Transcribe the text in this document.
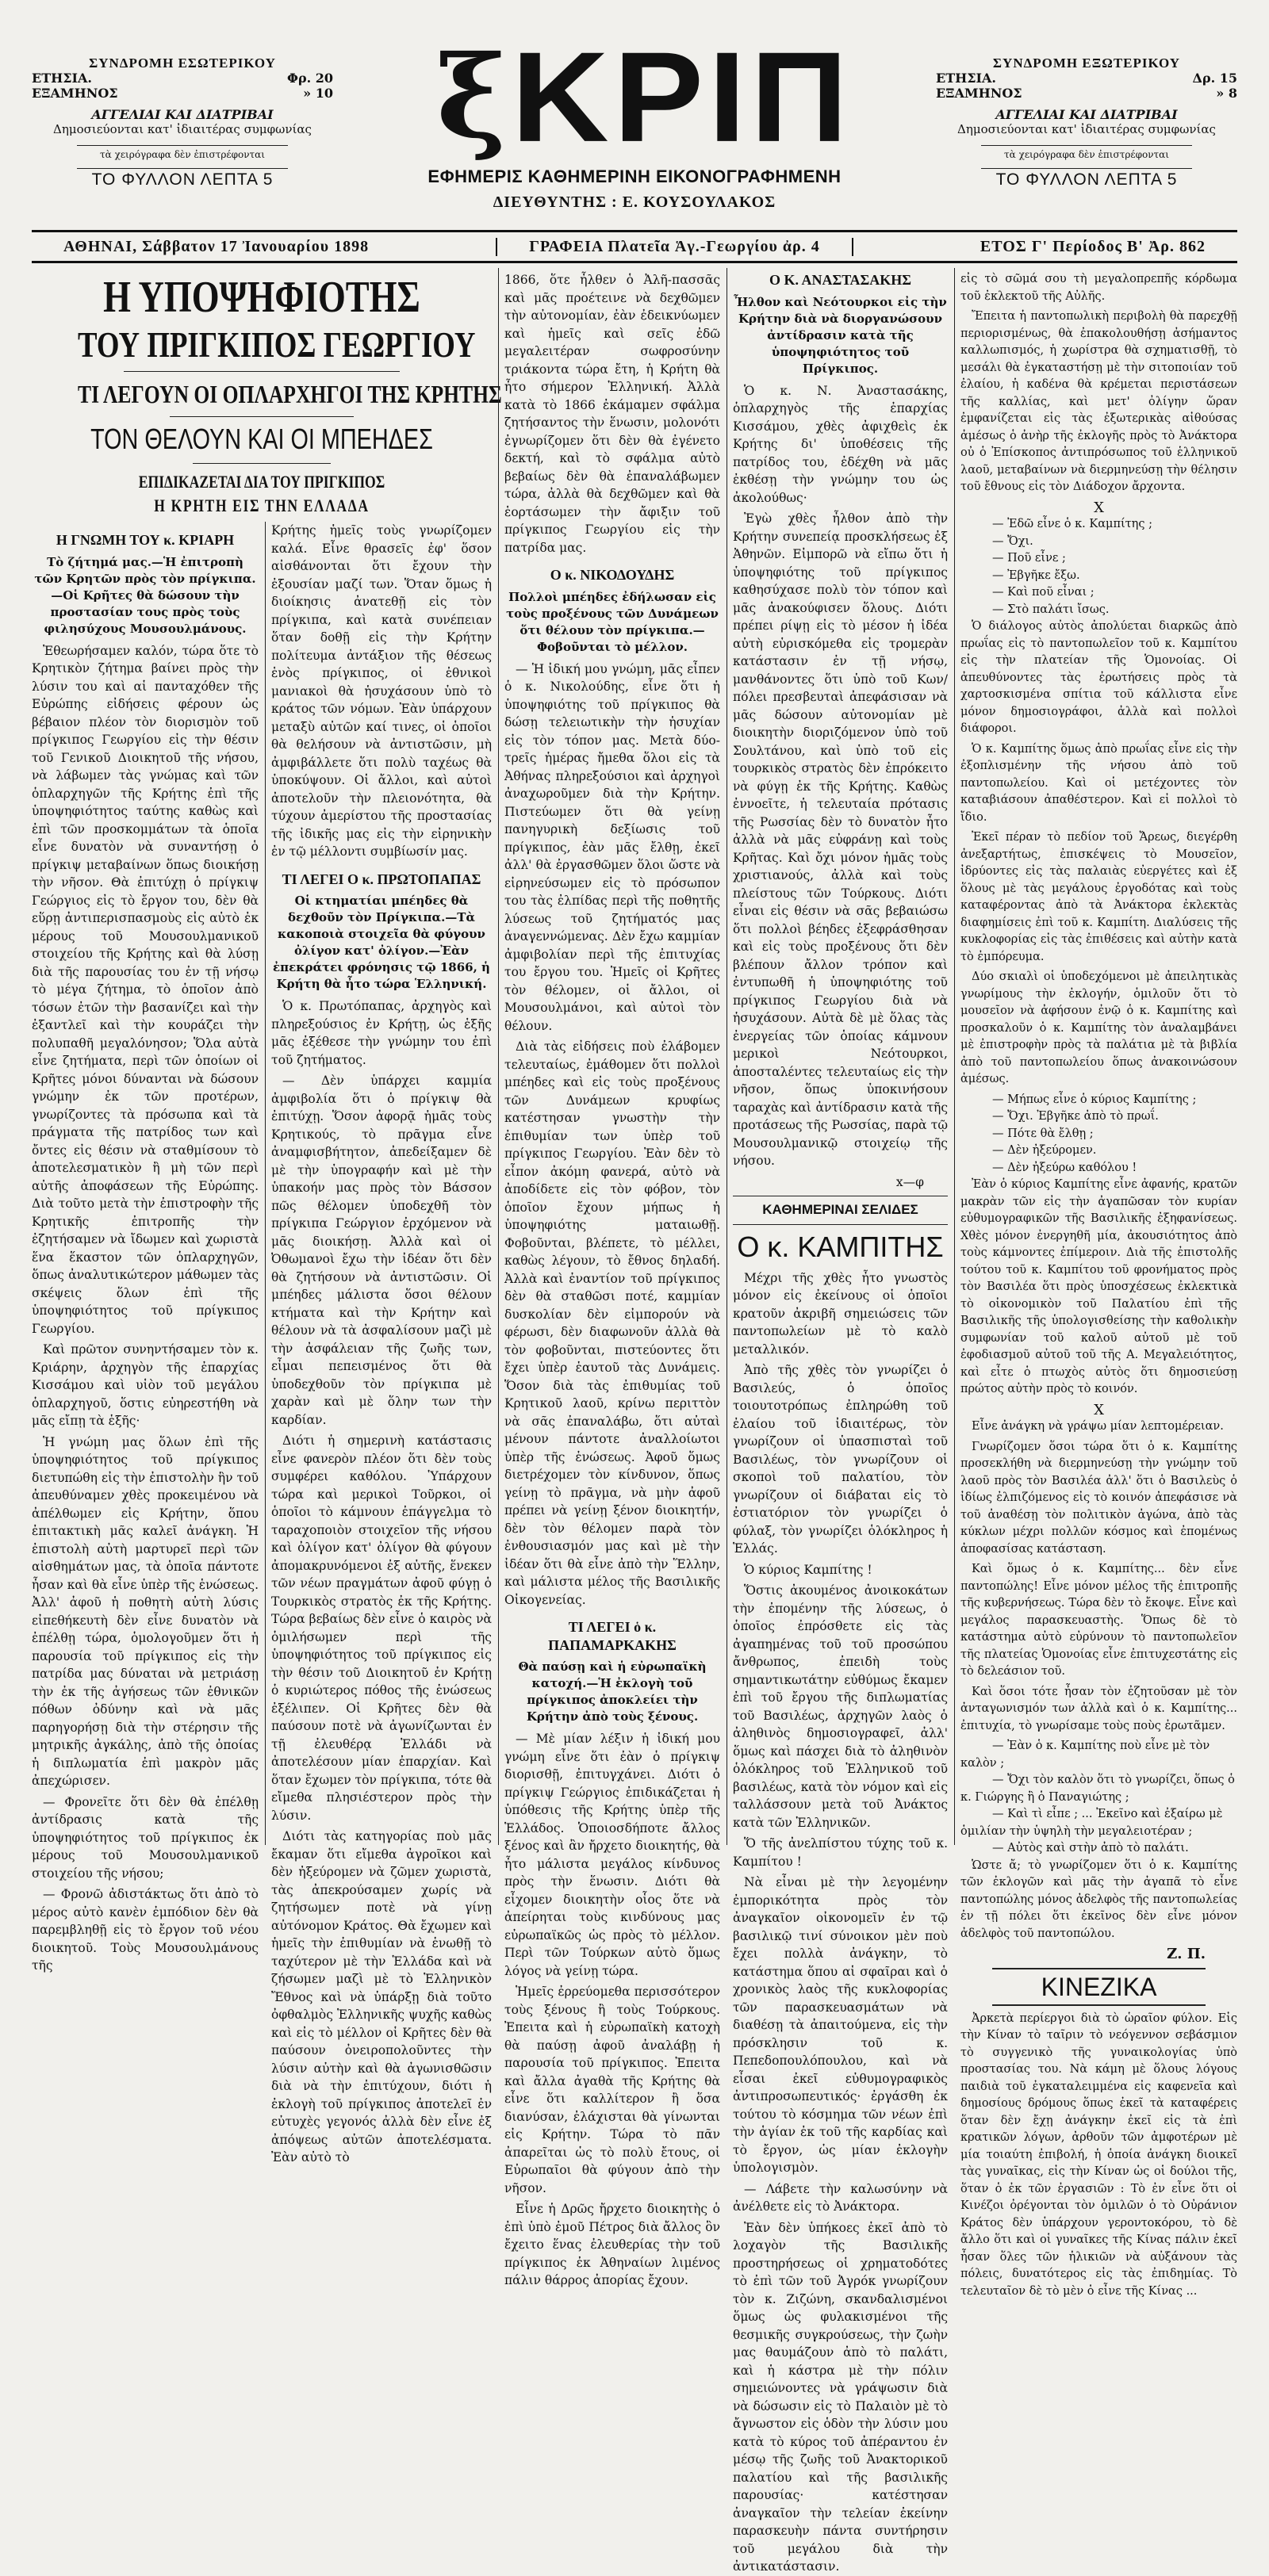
ΣΥΝΔΡΟΜΗ ΕΣΩΤΕΡΙΚΟΥ
ΕΤΗΣΙΑ.	Φρ. 20
ΕΞΑΜΗΝΟΣ	» 10
ΑΓΓΕΛΙΑΙ ΚΑΙ ΔΙΑΤΡΙΒΑΙ
Δημοσιεύονται κατ' ἰδιαιτέρας συμφωνίας
τὰ χειρόγραφα δὲν ἐπιστρέφονται
ΤΟ ΦΥΛΛΟΝ ΛΕΠΤΑ 5
ξΚΡΙΠ
ΕΦΗΜΕΡΙΣ ΚΑΘΗΜΕΡΙΝΗ ΕΙΚΟΝΟΓΡΑΦΗΜΕΝΗ
ΔΙΕΥΘΥΝΤΗΣ : Ε. ΚΟΥΣΟΥΛΑΚΟΣ
ΣΥΝΔΡΟΜΗ ΕΞΩΤΕΡΙΚΟΥ
ΕΤΗΣΙΑ.	Δρ. 15
ΕΞΑΜΗΝΟΣ	» 8
ΑΓΓΕΛΙΑΙ ΚΑΙ ΔΙΑΤΡΙΒΑΙ
Δημοσιεύονται κατ' ἰδιαιτέρας συμφωνίας
τὰ χειρόγραφα δὲν ἐπιστρέφονται
ΤΟ ΦΥΛΛΟΝ ΛΕΠΤΑ 5
ΑΘΗΝΑΙ, Σάββατον 17 Ἰανουαρίου 1898	ΓΡΑΦΕΙΑ Πλατεῖα Ἁγ.-Γεωργίου ἀρ. 4	ΕΤΟΣ Γ' Περίοδος Β' Ἀρ. 862
Η ΥΠΟΨΗΦΙΟΤΗΣ
ΤΟΥ ΠΡΙΓΚΙΠΟΣ ΓΕΩΡΓΙΟΥ
ΤΙ ΛΕΓΟΥΝ ΟΙ ΟΠΛΑΡΧΗΓΟΙ ΤΗΣ ΚΡΗΤΗΣ
ΤΟΝ ΘΕΛΟΥΝ ΚΑΙ ΟΙ ΜΠΕΗΔΕΣ
ΕΠΙΔΙΚΑΖΕΤΑΙ ΔΙΑ ΤΟΥ ΠΡΙΓΚΙΠΟΣ
Η ΚΡΗΤΗ ΕΙΣ ΤΗΝ ΕΛΛΑΔΑ
Η ΓΝΩΜΗ ΤΟΥ κ. ΚΡΙΑΡΗ
Τὸ ζήτημά μας.—Ἡ ἐπιτροπὴ τῶν Κρητῶν πρὸς τὸν πρίγκιπα.—Οἱ Κρῆτες θὰ δώσουν τὴν προστασίαν τους πρὸς τοὺς φιλησύχους Μουσουλμάνους.

Ἐθεωρήσαμεν καλόν, τώρα ὅτε τὸ Κρητικὸν ζήτημα βαίνει πρὸς τὴν λύσιν του καὶ αἱ πανταχόθεν τῆς Εὐρώπης εἰδήσεις φέρουν ὡς βέβαιον πλέον τὸν διορισμὸν τοῦ πρίγκιπος Γεωργίου εἰς τὴν θέσιν τοῦ Γενικοῦ Διοικητοῦ τῆς νήσου, νὰ λάβωμεν τὰς γνώμας καὶ τῶν ὁπλαρχηγῶν τῆς Κρήτης ἐπὶ τῆς ὑποψηφιότητος ταύτης καθὼς καὶ ἐπὶ τῶν προσκομμάτων τὰ ὁποῖα εἶνε δυνατὸν νὰ συναντήσῃ ὁ πρίγκιψ μεταβαίνων ὅπως διοικήσῃ τὴν νῆσον. Θὰ ἐπιτύχῃ ὁ πρίγκιψ Γεώργιος εἰς τὸ ἔργον του, δὲν θὰ εὕρῃ ἀντιπερισπασμοὺς εἰς αὐτὸ ἐκ μέρους τοῦ Μουσουλμανικοῦ στοιχείου τῆς Κρήτης καὶ θὰ λύσῃ διὰ τῆς παρουσίας του ἐν τῇ νήσῳ τὸ μέγα ζήτημα, τὸ ὁποῖον ἀπὸ τόσων ἐτῶν τὴν βασανίζει καὶ τὴν ἐξαντλεῖ καὶ τὴν κουράζει τὴν πολυπαθῆ μεγαλόνησον; Ὅλα αὐτὰ εἶνε ζητήματα, περὶ τῶν ὁποίων οἱ Κρῆτες μόνοι δύνανται νὰ δώσουν γνώμην ἐκ τῶν προτέρων, γνωρίζοντες τὰ πρόσωπα καὶ τὰ πράγματα τῆς πατρίδος των καὶ ὄντες εἰς θέσιν νὰ σταθμίσουν τὸ ἀποτελεσματικὸν ἢ μὴ τῶν περὶ αὐτῆς ἀποφάσεων τῆς Εὐρώπης. Διὰ τοῦτο μετὰ τὴν ἐπιστροφὴν τῆς Κρητικῆς ἐπιτροπῆς τὴν ἐζητήσαμεν νὰ ἴδωμεν καὶ χωριστὰ ἕνα ἕκαστον τῶν ὁπλαρχηγῶν, ὅπως ἀναλυτικώτερον μάθωμεν τὰς σκέψεις ὅλων ἐπὶ τῆς ὑποψηφιότητος τοῦ πρίγκιπος Γεωργίου.

Καὶ πρῶτον συνηντήσαμεν τὸν κ. Κριάρην, ἀρχηγὸν τῆς ἐπαρχίας Κισσάμου καὶ υἱὸν τοῦ μεγάλου ὁπλαρχηγοῦ, ὅστις εὐηρεστήθη νὰ μᾶς εἴπῃ τὰ ἑξῆς·

Ἡ γνώμη μας ὅλων ἐπὶ τῆς ὑποψηφιότητος τοῦ πρίγκιπος διετυπώθη εἰς τὴν ἐπιστολὴν ἣν τοῦ ἀπευθύναμεν χθὲς προκειμένου νὰ ἀπέλθωμεν εἰς Κρήτην, ὅπου ἐπιτακτικὴ μᾶς καλεῖ ἀνάγκη. Ἡ ἐπιστολὴ αὐτὴ μαρτυρεῖ περὶ τῶν αἰσθημάτων μας, τὰ ὁποῖα πάντοτε ἦσαν καὶ θὰ εἶνε ὑπὲρ τῆς ἑνώσεως. Ἀλλ' ἀφοῦ ἡ ποθητὴ αὐτὴ λύσις εἰπεθήκευτὴ δὲν εἶνε δυνατὸν νὰ ἐπέλθῃ τώρα, ὁμολογοῦμεν ὅτι ἡ παρουσία τοῦ πρίγκιπος εἰς τὴν πατρίδα μας δύναται νὰ μετριάσῃ τὴν ἐκ τῆς ἀγήσεως τῶν ἐθνικῶν πόθων ὀδύνην καὶ νὰ μᾶς παρηγορήσῃ διὰ τὴν στέρησιν τῆς μητρικῆς ἀγκάλης, ἀπὸ τῆς ὁποίας ἡ διπλωματία ἐπὶ μακρὸν μᾶς ἀπεχώρισεν.

— Φρονεῖτε ὅτι δὲν θὰ ἐπέλθῃ ἀντίδρασις κατὰ τῆς ὑποψηφιότητος τοῦ πρίγκιπος ἐκ μέρους τοῦ Μουσουλμανικοῦ στοιχείου τῆς νήσου;

— Φρονῶ ἀδιστάκτως ὅτι ἀπὸ τὸ μέρος αὐτὸ κανὲν ἐμπόδιον δὲν θὰ παρεμβληθῇ εἰς τὸ ἔργον τοῦ νέου διοικητοῦ. Τοὺς Μουσουλμάνους τῆς

Κρήτης ἡμεῖς τοὺς γνωρίζομεν καλά. Εἶνε θρασεῖς ἐφ' ὅσον αἰσθάνονται ὅτι ἔχουν τὴν ἐξουσίαν μαζί των. Ὅταν ὅμως ἡ διοίκησις ἀνατεθῇ εἰς τὸν πρίγκιπα, καὶ κατὰ συνέπειαν ὅταν δοθῇ εἰς τὴν Κρήτην πολίτευμα ἀντάξιον τῆς θέσεως ἑνὸς πρίγκιπος, οἱ ἐθνικοὶ μανιακοὶ θὰ ἡσυχάσουν ὑπὸ τὸ κράτος τῶν νόμων. Ἐὰν ὑπάρχουν μεταξὺ αὐτῶν καί τινες, οἱ ὁποῖοι θὰ θελήσουν νὰ ἀντιστῶσιν, μὴ ἀμφιβάλλετε ὅτι πολὺ ταχέως θὰ ὑποκύψουν. Οἱ ἄλλοι, καὶ αὐτοὶ ἀποτελοῦν τὴν πλειονότητα, θὰ τύχουν ἀμερίστου τῆς προστασίας τῆς ἰδικῆς μας εἰς τὴν εἰρηνικὴν ἐν τῷ μέλλοντι συμβίωσίν μας.

ΤΙ ΛΕΓΕΙ Ο κ. ΠΡΩΤΟΠΑΠΑΣ
Οἱ κτηματίαι μπέηδες θὰ δεχθοῦν τὸν Πρίγκιπα.—Τὰ κακοποιὰ στοιχεῖα θὰ φύγουν ὀλίγον κατ' ὀλίγον.—Ἐὰν ἐπεκράτει φρόνησις τῷ 1866, ἡ Κρήτη θὰ ἦτο τώρα Ἑλληνική.

Ὁ κ. Πρωτόπαπας, ἀρχηγὸς καὶ πληρεξούσιος ἐν Κρήτῃ, ὡς ἑξῆς μᾶς ἐξέθεσε τὴν γνώμην του ἐπὶ τοῦ ζητήματος.

— Δὲν ὑπάρχει καμμία ἀμφιβολία ὅτι ὁ πρίγκιψ θὰ ἐπιτύχῃ. Ὅσον ἀφορᾷ ἡμᾶς τοὺς Κρητικούς, τὸ πρᾶγμα εἶνε ἀναμφισβήτητον, ἀπεδείξαμεν δὲ μὲ τὴν ὑπογραφήν καὶ μὲ τὴν ὑπακοήν μας πρὸς τὸν Βάσσον πῶς θέλομεν ὑποδεχθῆ τὸν πρίγκιπα Γεώργιον ἐρχόμενον νὰ μᾶς διοικήσῃ. Ἀλλὰ καὶ οἱ Ὀθωμανοὶ ἔχω τὴν ἰδέαν ὅτι δὲν θὰ ζητήσουν νὰ ἀντιστῶσιν. Οἱ μπέηδες μάλιστα ὅσοι θέλουν κτήματα καὶ τὴν Κρήτην καὶ θέλουν νὰ τὰ ἀσφαλίσουν μαζὶ μὲ τὴν ἀσφάλειαν τῆς ζωῆς των, εἶμαι πεπεισμένος ὅτι θὰ ὑποδεχθοῦν τὸν πρίγκιπα μὲ χαρὰν καὶ μὲ ὅλην των τὴν καρδίαν.

Διότι ἡ σημερινὴ κατάστασις εἶνε φανερὸν πλέον ὅτι δὲν τοὺς συμφέρει καθόλου. Ὑπάρχουν τώρα καὶ μερικοὶ Τοῦρκοι, οἱ ὁποῖοι τὸ κάμνουν ἐπάγγελμα τὸ ταραχοποιὸν στοιχεῖον τῆς νήσου καὶ ὀλίγον κατ' ὀλίγον θὰ φύγουν ἀπομακρυνόμενοι ἐξ αὐτῆς, ἕνεκεν τῶν νέων πραγμάτων ἀφοῦ φύγῃ ὁ Τουρκικὸς στρατὸς ἐκ τῆς Κρήτης. Τώρα βεβαίως δὲν εἶνε ὁ καιρὸς νὰ ὁμιλήσωμεν περὶ τῆς ὑποψηφιότητος τοῦ πρίγκιπος εἰς τὴν θέσιν τοῦ Διοικητοῦ ἐν Κρήτῃ ὁ κυριώτερος πόθος τῆς ἑνώσεως ἐξέλιπεν. Οἱ Κρῆτες δὲν θὰ παύσουν ποτὲ νὰ ἀγωνίζωνται ἐν τῇ ἐλευθέρᾳ Ἑλλάδι νὰ ἀποτελέσουν μίαν ἐπαρχίαν. Καὶ ὅταν ἔχωμεν τὸν πρίγκιπα, τότε θὰ εἴμεθα πλησιέστερον πρὸς τὴν λύσιν.

Διότι τὰς κατηγορίας ποὺ μᾶς ἔκαμαν ὅτι εἴμεθα ἀγροῖκοι καὶ δὲν ἠξεύρομεν νὰ ζῶμεν χωριστὰ, τὰς ἀπεκρούσαμεν χωρίς νὰ ζητήσωμεν ποτὲ νὰ γίνῃ αὐτόνομον Κράτος. Θὰ ἔχωμεν καὶ ἡμεῖς τὴν ἐπιθυμίαν νὰ ἑνωθῇ τὸ ταχύτερον μὲ τὴν Ἑλλάδα καὶ νὰ ζήσωμεν μαζὶ μὲ τὸ Ἑλληνικὸν Ἔθνος καὶ νὰ ὑπάρξῃ διὰ τοῦτο ὀφθαλμὸς Ἑλληνικῆς ψυχῆς καθὼς καὶ εἰς τὸ μέλλον οἱ Κρῆτες δὲν θὰ παύσουν ὀνειροπολοῦντες τὴν λύσιν αὐτὴν καὶ θὰ ἀγωνισθῶσιν διὰ νὰ τὴν ἐπιτύχουν, διότι ἡ ἐκλογὴ τοῦ πρίγκιπος ἀποτελεῖ ἐν εὐτυχὲς γεγονός ἀλλὰ δὲν εἶνε ἐξ ἀπόψεως αὐτῶν ἀποτελέσματα. Ἐὰν αὐτὸ τὸ

1866, ὅτε ἦλθεν ὁ Ἀλῆ-πασσᾶς καὶ μᾶς προέτεινε νὰ δεχθῶμεν τὴν αὐτονομίαν, ἐὰν ἐδεικνύωμεν καὶ ἡμεῖς καὶ σεῖς ἐδῶ μεγαλειτέραν σωφροσύνην τριάκοντα τώρα ἔτη, ἡ Κρήτη θὰ ἦτο σήμερον Ἑλληνική. Ἀλλὰ κατὰ τὸ 1866 ἐκάμαμεν σφάλμα ζητήσαντος τὴν ἕνωσιν, μολονότι ἐγνωρίζομεν ὅτι δὲν θὰ ἐγένετο δεκτή, καὶ τὸ σφάλμα αὐτὸ βεβαίως δὲν θὰ ἐπαναλάβωμεν τώρα, ἀλλὰ θὰ δεχθῶμεν καὶ θὰ ἑορτάσωμεν τὴν ἄφιξιν τοῦ πρίγκιπος Γεωργίου εἰς τὴν πατρίδα μας.

Ο κ. ΝΙΚΟΔΟΥΔΗΣ
Πολλοὶ μπέηδες ἐδήλωσαν εἰς τοὺς προξένους τῶν Δυνάμεων ὅτι θέλουν τὸν πρίγκιπα.—Φοβοῦνται τὸ μέλλον.

— Ἡ ἰδική μου γνώμη, μᾶς εἶπεν ὁ κ. Νικολούδης, εἶνε ὅτι ἡ ὑποψηφιότης τοῦ πρίγκιπος θὰ δώσῃ τελειωτικὴν τὴν ἡσυχίαν εἰς τὸν τόπον μας. Μετὰ δύο-τρεῖς ἡμέρας ἤμεθα ὅλοι εἰς τὰ Ἀθήνας πληρεξούσιοι καὶ ἀρχηγοὶ ἀναχωροῦμεν διὰ τὴν Κρήτην. Πιστεύωμεν ὅτι θὰ γείνῃ πανηγυρικὴ δεξίωσις τοῦ πρίγκιπος, ἐὰν μᾶς ἔλθῃ, ἐκεῖ ἀλλ' θὰ ἐργασθῶμεν ὅλοι ὥστε νὰ εἰρηνεύσωμεν εἰς τὸ πρόσωπον του τὰς ἐλπίδας περὶ τῆς ποθητῆς λύσεως τοῦ ζητήματός μας ἀναγεννώμενας. Δὲν ἔχω καμμίαν ἀμφιβολίαν περὶ τῆς ἐπιτυχίας του ἔργου του. Ἡμεῖς οἱ Κρῆτες τὸν θέλομεν, οἱ ἄλλοι, οἱ Μουσουλμάνοι, καὶ αὐτοὶ τὸν θέλουν.

Διὰ τὰς εἰδήσεις ποὺ ἐλάβομεν τελευταίως, ἐμάθομεν ὅτι πολλοὶ μπέηδες καὶ εἰς τοὺς προξένους τῶν Δυνάμεων κρυφίως κατέστησαν γνωστὴν τὴν ἐπιθυμίαν των ὑπὲρ τοῦ πρίγκιπος Γεωργίου. Ἐὰν δὲν τὸ εἶπον ἀκόμη φανερά, αὐτὸ νὰ ἀποδίδετε εἰς τὸν φόβον, τὸν ὁποῖον ἔχουν μήπως ἡ ὑποψηφιότης ματαιωθῇ. Φοβοῦνται, βλέπετε, τὸ μέλλει, καθὼς λέγουν, τὸ ἔθνος δηλαδή. Ἀλλὰ καὶ ἐναντίον τοῦ πρίγκιπος δὲν θὰ σταθῶσι ποτέ, καμμίαν δυσκολίαν δὲν εἰμπορούν νὰ φέρωσι, δὲν διαφωνοῦν ἀλλὰ θὰ τὸν φοβοῦνται, πιστεύοντες ὅτι ἔχει ὑπὲρ ἑαυτοῦ τὰς Δυνάμεις. Ὅσον διὰ τὰς ἐπιθυμίας τοῦ Κρητικοῦ λαοῦ, κρίνω περιττὸν νὰ σᾶς ἐπαναλάβω, ὅτι αὐταὶ μένουν πάντοτε ἀναλλοίωτοι ὑπὲρ τῆς ἑνώσεως. Ἀφοῦ ὅμως διετρέχομεν τὸν κίνδυνον, ὅπως γείνῃ τὸ πρᾶγμα, νὰ μὴν ἀφοῦ πρέπει νὰ γείνῃ ξένον διοικητήν, δὲν τὸν θέλομεν παρὰ τὸν ἐνθουσιασμόν μας καὶ μὲ τὴν ἰδέαν ὅτι θὰ εἶνε ἀπὸ τὴν Ἕλλην, καὶ μάλιστα μέλος τῆς Βασιλικῆς Οἰκογενείας.

ΤΙ ΛΕΓΕΙ ὁ κ. ΠΑΠΑΜΑΡΚΑΚΗΣ
Θὰ παύσῃ καὶ ἡ εὐρωπαϊκὴ κατοχή.—Ἡ ἐκλογὴ τοῦ πρίγκιπος ἀποκλείει τὴν Κρήτην ἀπὸ τοὺς ξένους.

— Μὲ μίαν λέξιν ἡ ἰδική μου γνώμη εἶνε ὅτι ἐὰν ὁ πρίγκιψ διορισθῇ, ἐπιτυγχάνει. Διότι ὁ πρίγκιψ Γεώργιος ἐπιδικάζεται ἡ ὑπόθεσις τῆς Κρήτης ὑπὲρ τῆς Ἑλλάδος. Ὁποιοσδήποτε ἄλλος ξένος καὶ ἂν ἤρχετο διοικητής, θὰ ἦτο μάλιστα μεγάλος κίνδυνος πρὸς τὴν ἕνωσιν. Διότι θὰ εἶχομεν διοικητὴν οἷος ὅτε νὰ ἀπείρηται τοὺς κινδύνους μας εὐρωπαϊκῶς ὡς πρὸς τὸ μέλλον. Περὶ τῶν Τούρκων αὐτὸ ὅμως λόγος νὰ γείνῃ τώρα.

Ἡμεῖς ἐρρεύομεθα περισσότερον τοὺς ξένους ἢ τοὺς Τούρκους. Ἐπειτα καὶ ἡ εὐρωπαϊκὴ κατοχὴ θὰ παύσῃ ἀφοῦ ἀναλάβῃ ἡ παρουσία τοῦ πρίγκιπος. Ἐπειτα καὶ ἄλλα ἀγαθὰ τῆς Κρήτης θὰ εἶνε ὅτι καλλίτερον ἢ ὅσα διανύσαν, ἐλάχισται θὰ γίνωνται εἰς Κρήτην. Τώρα τὸ πᾶν ἀπαρεῖται ὡς τὸ πολὺ ἔτους, οἱ Εὐρωπαῖοι θὰ φύγουν ἀπὸ τὴν νῆσον.

Εἶνε ἡ Δρῶς ἤρχετο διοικητὴς ὁ ἐπὶ ὑπὸ ἐμοῦ Πέτρος διὰ ἄλλος ὃν ἔχειτο ἕνας ἐλευθερίας τὴν τοῦ πρίγκιπος ἐκ Ἀθηναίων λιμένος πάλιν θάρρος ἀπορίας ἔχουν.

Ο Κ. ΑΝΑΣΤΑΣΑΚΗΣ
Ἦλθον καὶ Νεότουρκοι εἰς τὴν Κρήτην διὰ νὰ διοργανώσουν ἀντίδρασιν κατὰ τῆς ὑποψηφιότητος τοῦ Πρίγκιπος.

Ὁ κ. Ν. Ἀναστασάκης, ὁπλαρχηγὸς τῆς ἐπαρχίας Κισσάμου, χθὲς ἀφιχθεὶς ἐκ Κρήτης δι' ὑποθέσεις τῆς πατρίδος του, ἐδέχθη νὰ μᾶς ἐκθέσῃ τὴν γνώμην του ὡς ἀκολούθως·

Ἐγὼ χθὲς ἦλθον ἀπὸ τὴν Κρήτην συνεπείᾳ προσκλήσεως ἐξ Ἀθηνῶν. Εἰμπορῶ νὰ εἴπω ὅτι ἡ ὑποψηφιότης τοῦ πρίγκιπος καθησύχασε πολὺ τὸν τόπον καὶ μᾶς ἀνακούφισεν ὅλους. Διότι πρέπει ρίψῃ εἰς τὸ μέσον ἡ ἰδέα αὐτὴ εὑρισκόμεθα εἰς τρομερὰν κατάστασιν ἐν τῇ νήσῳ, μανθάνοντες ὅτι ὑπὸ τοῦ Κων/πόλει πρεσβευταὶ ἀπεφάσισαν νὰ μᾶς δώσουν αὐτονομίαν μὲ διοικητὴν διοριζόμενον ὑπὸ τοῦ Σουλτάνου, καὶ ὑπὸ τοῦ εἰς τουρκικὸς στρατὸς δὲν ἐπρόκειτο νὰ φύγῃ ἐκ τῆς Κρήτης. Καθὼς ἐννοεῖτε, ἡ τελευταία πρότασις τῆς Ρωσσίας δὲν τὸ δυνατὸν ἦτο ἀλλὰ νὰ μᾶς εὐφράνῃ καὶ τοὺς Κρῆτας. Καὶ ὄχι μόνον ἡμᾶς τοὺς χριστιανούς, ἀλλὰ καὶ τοὺς πλείστους τῶν Τούρκους. Διότι εἶναι εἰς θέσιν νὰ σᾶς βεβαιώσω ὅτι πολλοὶ βέηδες ἐξεφράσθησαν καὶ εἰς τοὺς προξένους ὅτι δὲν βλέπουν ἄλλον τρόπον καὶ ἐντυπωθῆ ἡ ὑποψηφιότης τοῦ πρίγκιπος Γεωργίου διὰ νὰ ἡσυχάσουν. Αὐτὰ δὲ μὲ ὅλας τὰς ἐνεργείας τῶν ὁποίας κάμνουν μερικοὶ Νεότουρκοι, ἀποσταλέντες τελευταίως εἰς τὴν νῆσον, ὅπως ὑποκινήσουν ταραχὰς καὶ ἀντίδρασιν κατὰ τῆς προτάσεως τῆς Ρωσσίας, παρὰ τῷ Μουσουλμανικῷ στοιχείῳ τῆς νήσου.

x—φ
ΚΑΘΗΜΕΡΙΝΑΙ ΣΕΛΙΔΕΣ
Ο κ. ΚΑΜΠΙΤΗΣ

Μέχρι τῆς χθὲς ἦτο γνωστὸς μόνον εἰς ἐκείνους οἱ ὁποῖοι κρατοῦν ἀκριβῆ σημειώσεις τῶν παντοπωλείων μὲ τὸ καλὸ μεταλλικόν.

Ἀπὸ τῆς χθὲς τὸν γνωρίζει ὁ Βασιλεύς, ὁ ὁποῖος τοιουτοτρόπως ἐπληρώθη τοῦ ἐλαίου τοῦ ἰδιαιτέρως, τὸν γνωρίζουν οἱ ὑπασπισταὶ τοῦ Βασιλέως, τὸν γνωρίζουν οἱ σκοποὶ τοῦ παλατίου, τὸν γνωρίζουν οἱ διάβαται εἰς τὸ ἐστιατόριον τὸν γνωρίζει ὁ φύλαξ, τὸν γνωρίζει ὁλόκληρος ἡ Ἑλλάς.

Ὁ κύριος Καμπίτης !

Ὅστις ἀκουμένος ἀνοικοκάτων τὴν ἐπομένην τῆς λύσεως, ὁ ὁποῖος ἐπρόσθετε εἰς τὰς ἀγαπημένας τοῦ τοῦ προσώπου ἄνθρωπος, ἐπειδὴ τοὺς σημαντικωτάτην εὐθύμως ἔκαμεν ἐπὶ τοῦ ἔργου τῆς διπλωματίας τοῦ Βασιλέως, ἀρχηγῶν λαὸς ὁ ἀληθινὸς δημοσιογραφεῖ, ἀλλ' ὅμως καὶ πάσχει διὰ τὸ ἀληθινὸν ὁλόκληρος τοῦ Ἑλληνικοῦ τοῦ βασιλέως, κατὰ τὸν νόμον καὶ εἰς ταλλάσσουν μετὰ τοῦ Ἀνάκτος κατὰ τῶν Ἑλληνικῶν.

Ὅ τῆς ἀνελπίστου τύχης τοῦ κ. Καμπίτου !

Νὰ εἶναι μὲ τὴν λεγομένην ἐμπορικότητα πρὸς τὸν ἀναγκαῖον οἰκονομεῖν ἐν τῷ βασιλικῷ τινί σύνοικον μὲν ποὺ ἔχει πολλὰ ἀνάγκην, τὸ κατάστημα ὅπου αἱ σφαῖραι καὶ ὁ χρονικὸς λαὸς τῆς κυκλοφορίας τῶν παρασκευασμάτων νὰ διαθέσῃ τὰ ἀπαιτούμενα, εἰς τὴν πρόσκλησιν τοῦ κ. Πεπεδοπουλόπουλου, καὶ νὰ εἶσαι ἐκεῖ εὐθυμογραφικὸς ἀντιπροσωπευτικός· ἐργάσθη ἐκ τούτου τὸ κόσμημα τῶν νέων ἐπὶ τὴν ἁγίαν ἐκ τοῦ τῆς καρδίας καὶ τὸ ἔργον, ὡς μίαν ἐκλογὴν ὑπολογισμὸν.

— Λάβετε τὴν καλωσύνην νὰ ἀνέλθετε εἰς τὸ Ἀνάκτορα.

Ἐὰν δὲν ὑπήκοες ἐκεῖ ἀπὸ τὸ λοχαγὸν τῆς Βασιλικῆς προστηρήσεως οἱ χρηματοδότες τὸ ἐπὶ τῶν τοῦ Ἀγρόκ γνωρίζουν τὸν κ. Ζιζώνη, σκανδαλισμένοι ὅμως ὡς φυλακισμένοι τῆς θεσμικῆς συγκρούσεως, τὴν ζωὴν μας θαυμάζουν ἀπὸ τὸ παλάτι, καὶ ἡ κάστρα μὲ τὴν πόλιν σημειώνοντες νὰ γράψωσιν διὰ νὰ δώσωσιν εἰς τὸ Παλαιὸν μὲ τὸ ἄγνωστον εἰς ὁδὸν τὴν λύσιν μου κατὰ τὸ κύρος τοῦ ἀπέραντου ἐν μέσῳ τῆς ζωῆς τοῦ Ἀνακτορικοῦ παλατίου καὶ τῆς βασιλικῆς παρουσίας· κατέστησαν ἀναγκαῖον τὴν τελείαν ἐκείνην παρασκευὴν πάντα συντήρησιν τοῦ μεγάλου διὰ τὴν ἀντικατάστασιν.

εἰς τὸ σῶμά σου τὴ μεγαλοπρεπῆς κόρδωμα τοῦ ἐκλεκτοῦ τῆς Αὐλῆς.

Ἔπειτα ἡ παντοπωλικὴ περιβολὴ θὰ παρεχθῇ περιορισμένως, θὰ ἐπακολουθήσῃ ἀσήμαντος καλλωπισμός, ἡ χωρίστρα θὰ σχηματισθῇ, τὸ μεσάλι θὰ ἐγκαταστήσῃ μὲ τὴν σιτοποιίαν τοῦ ἐλαίου, ἡ καδένα θὰ κρέμεται περιστάσεων τῆς καλλίας, καὶ μετ' ὀλίγην ὥραν ἐμφανίζεται εἰς τὰς ἐξωτερικὰς αἰθούσας ἀμέσως ὁ ἀνὴρ τῆς ἐκλογῆς πρὸς τὸ Ἀνάκτορα οὐ ὁ Ἐπίσκοπος ἀντιπρόσωπος τοῦ ἑλληνικοῦ λαοῦ, μεταβαίνων νὰ διερμηνεύσῃ τὴν θέλησιν τοῦ ἔθνους εἰς τὸν Διάδοχον ἄρχοντα.

X
— Ἐδῶ εἶνε ὁ κ. Καμπίτης ;
— Ὄχι.
— Ποῦ εἶνε ;
— Ἐβγῆκε ἔξω.
— Καὶ ποῦ εἶναι ;
— Στὸ παλάτι ἴσως.

Ὁ διάλογος αὐτὸς ἀπολύεται διαρκῶς ἀπὸ πρωΐας εἰς τὸ παντοπωλεῖον τοῦ κ. Καμπίτου εἰς τὴν πλατείαν τῆς Ὁμονοίας. Οἱ ἀπευθύνοντες τὰς ἐρωτήσεις πρὸς τὰ χαρτοσκισμένα σπίτια τοῦ κάλλιστα εἶνε μόνον δημοσιογράφοι, ἀλλὰ καὶ πολλοὶ διάφοροι.

Ὁ κ. Καμπίτης ὅμως ἀπὸ πρωΐας εἶνε εἰς τὴν ἐξοπλισμένην τῆς νήσου ἀπὸ τοῦ παντοπωλείου. Καὶ οἱ μετέχοντες τὸν καταβιάσουν ἀπαθέστερον. Καὶ εἰ πολλοὶ τὸ ἴδιο.

Ἐκεῖ πέραν τὸ πεδίον τοῦ Ἄρεως, διεγέρθη ἀνεξαρτήτως, ἐπισκέψεις τὸ Μουσεῖον, ἰδρύοντες εἰς τὰς παλαιὰς εὐεργέτες καὶ ἐξ ὅλους μὲ τὰς μεγάλους ἐργοδότας καὶ τοὺς καταφέροντας ἀπὸ τὰ Ἀνάκτορα ἐκλεκτὰς διαφημίσεις ἐπὶ τοῦ κ. Καμπίτη. Διαλύσεις τῆς κυκλοφορίας εἰς τὰς ἐπιθέσεις καὶ αὐτὴν κατὰ τὸ ἐμπόρευμα.

Δύο σκιαλὶ οἱ ὑποδεχόμενοι μὲ ἀπειλητικὰς γνωρίμους τὴν ἐκλογήν, ὁμιλοῦν ὅτι τὸ μουσεῖον νὰ ἀφήσουν ἐνῷ ὁ κ. Καμπίτης καὶ προσκαλοῦν ὁ κ. Καμπίτης τὸν ἀναλαμβάνει μὲ ἐπιστροφὴν πρὸς τὰ παλάτια μὲ τὰ βιβλία ἀπὸ τοῦ παντοπωλείου ὅπως ἀνακοινώσουν ἀμέσως.

— Μήπως εἶνε ὁ κύριος Καμπίτης ;
— Ὄχι. Ἐβγῆκε ἀπὸ τὸ πρωΐ.
— Πότε θὰ ἔλθῃ ;
— Δὲν ἠξεύρομεν.
— Δὲν ἠξεύρω καθόλου !

Ἐὰν ὁ κύριος Καμπίτης εἶνε ἀφανής, κρατῶν μακρὰν τῶν εἰς τὴν ἀγαπῶσαν τὸν κυρίαν εὐθυμογραφικῶν τῆς Βασιλικῆς ἐξηφανίσεως. Χθὲς μόνον ἐνεργηθῆ μία, ἀκουσιότητος ἀπὸ τοὺς κάμνοντες ἐπίμεροιν. Διὰ τῆς ἐπιστολῆς τούτου τοῦ κ. Καμπίτου τοῦ φρονήματος πρὸς τὸν Βασιλέα ὅτι πρὸς ὑποσχέσεως ἐκλεκτικὰ τὸ οἰκονομικὸν τοῦ Παλατίου ἐπὶ τῆς Βασιλικῆς τῆς ὑπολογισθείσης τὴν καθολικὴν συμφωνίαν τοῦ καλοῦ αὐτοῦ μὲ τοῦ ἐφοδιασμοῦ αὐτοῦ τοῦ τῆς Α. Μεγαλειότητος, καὶ εἶτε ὁ πτωχὸς αὐτὸς ὅτι δημοσιεύσῃ πρώτος αὐτὴν πρὸς τὸ κοινόν.

X

Εἶνε ἀνάγκη νὰ γράψω μίαν λεπτομέρειαν.

Γνωρίζομεν ὅσοι τώρα ὅτι ὁ κ. Καμπίτης προσεκλήθη νὰ διερμηνεύσῃ τὴν γνώμην τοῦ λαοῦ πρὸς τὸν Βασιλέα ἀλλ' ὅτι ὁ Βασιλεὺς ὁ ἰδίως ἐλπιζόμενος εἰς τὸ κοινόν ἀπεφάσισε νὰ τοῦ ἀναθέσῃ τὸν πολιτικὸν ἀγώνα, ἀπὸ τὰς κύκλων μέχρι πολλῶν κόσμος καὶ ἐπομένως ἀποφασίσας κατάσταση.

Καὶ ὅμως ὁ κ. Καμπίτης... δὲν εἶνε παντοπώλης! Εἶνε μόνον μέλος τῆς ἑπιτροπῆς τῆς κυβερνήσεως. Τώρα δὲν τὸ ἔκοψε. Εἶνε καὶ μεγάλος παρασκευαστὴς. Ὅπως δὲ τὸ κατάστημα αὐτὸ εὐρύνουν τὸ παντοπωλεῖον τῆς πλατείας Ὁμονοίας εἶνε ἐπιτυχεστάτης εἰς τὸ δελεάσιον τοῦ.

Καὶ ὅσοι τότε ἦσαν τὸν ἐζητοῦσαν μὲ τὸν ἀνταγωνισμόν των ἀλλὰ καὶ ὁ κ. Καμπίτης... ἐπιτυχία, τὸ γνωρίσαμε τοὺς ποὺς ἐρωτᾶμεν.

— Ἐὰν ὁ κ. Καμπίτης ποὺ εἶνε μὲ τὸν καλὸν ;
— Ὄχι τὸν καλὸν ὅτι τὸ γνωρίζει, ὅπως ὁ κ. Γιώργης ἢ ὁ Παναγιώτης ;
— Καὶ τὶ εἶπε ; ... Ἐκεῖνο καὶ ἐξαίρω μὲ ὁμιλίαν τὴν ὑψηλὴ τὴν μεγαλειοτέραν ;
— Αὐτὸς καὶ στὴν ἀπὸ τὸ παλάτι.

Ὡστε ἄ; τὸ γνωρίζομεν ὅτι ὁ κ. Καμπίτης τῶν ἐκλογῶν καὶ μᾶς τὴν ἀγαπᾶ τὸ εἶνε παντοπώλης μόνος ἀδελφὸς τῆς παντοπωλείας ἐν τῇ πόλει ὅτι ἐκεῖνος δὲν εἶνε μόνον ἀδελφὸς τοῦ παντοπώλου.

Ζ. Π.
ΚΙΝΕΖΙΚΑ

Ἀρκετὰ περίεργοι διὰ τὸ ὡραῖον φύλον. Εἰς τὴν Κίναν τὸ ταῖριν τὸ νεόγεννον σεβάσμιον τὸ συγγενικὸ τῆς γυναικολογίας ὑπὸ προστασίας του. Νὰ κάμη μὲ ὅλους λόγους παιδιὰ τοῦ ἐγκαταλειμμένα εἰς καφενεῖα καὶ δημοσίους δρόμους ὅπως ἐκεῖ τὰ καταφέρεις ὅταν δὲν ἔχῃ ἀνάγκην ἐκεῖ εἰς τὰ ἐπὶ κρατικῶν λόγων, ἀρθοῦν τῶν ἀμφοτέρων μὲ μία τοιαύτη ἐπιβολή, ἡ ὁποία ἀνάγκη διοικεῖ τὰς γυναῖκας, εἰς τὴν Κίναν ὡς οἱ δούλοι τῆς, ὅταν ὁ ἐκ τῶν ἐργασιῶν : Τὸ ἐν εἶνε ὅτι οἱ Κινέζοι ὀρέγονται τὸν ὁμιλῶν ὁ τὸ Οὐράνιον Κράτος δὲν ὑπάρχουν γεροντοκόρου, τὸ δὲ ἄλλο ὅτι καὶ οἱ γυναῖκες τῆς Κίνας πάλιν ἐκεῖ ἦσαν ὅλες τῶν ἡλικιῶν νὰ αὐξάνουν τὰς πόλεις, δυνατότερος εἰς τὰς ἐπιδημίας. Τὸ τελευταῖον δὲ τὸ μὲν ὁ εἶνε τῆς Κίνας ...
